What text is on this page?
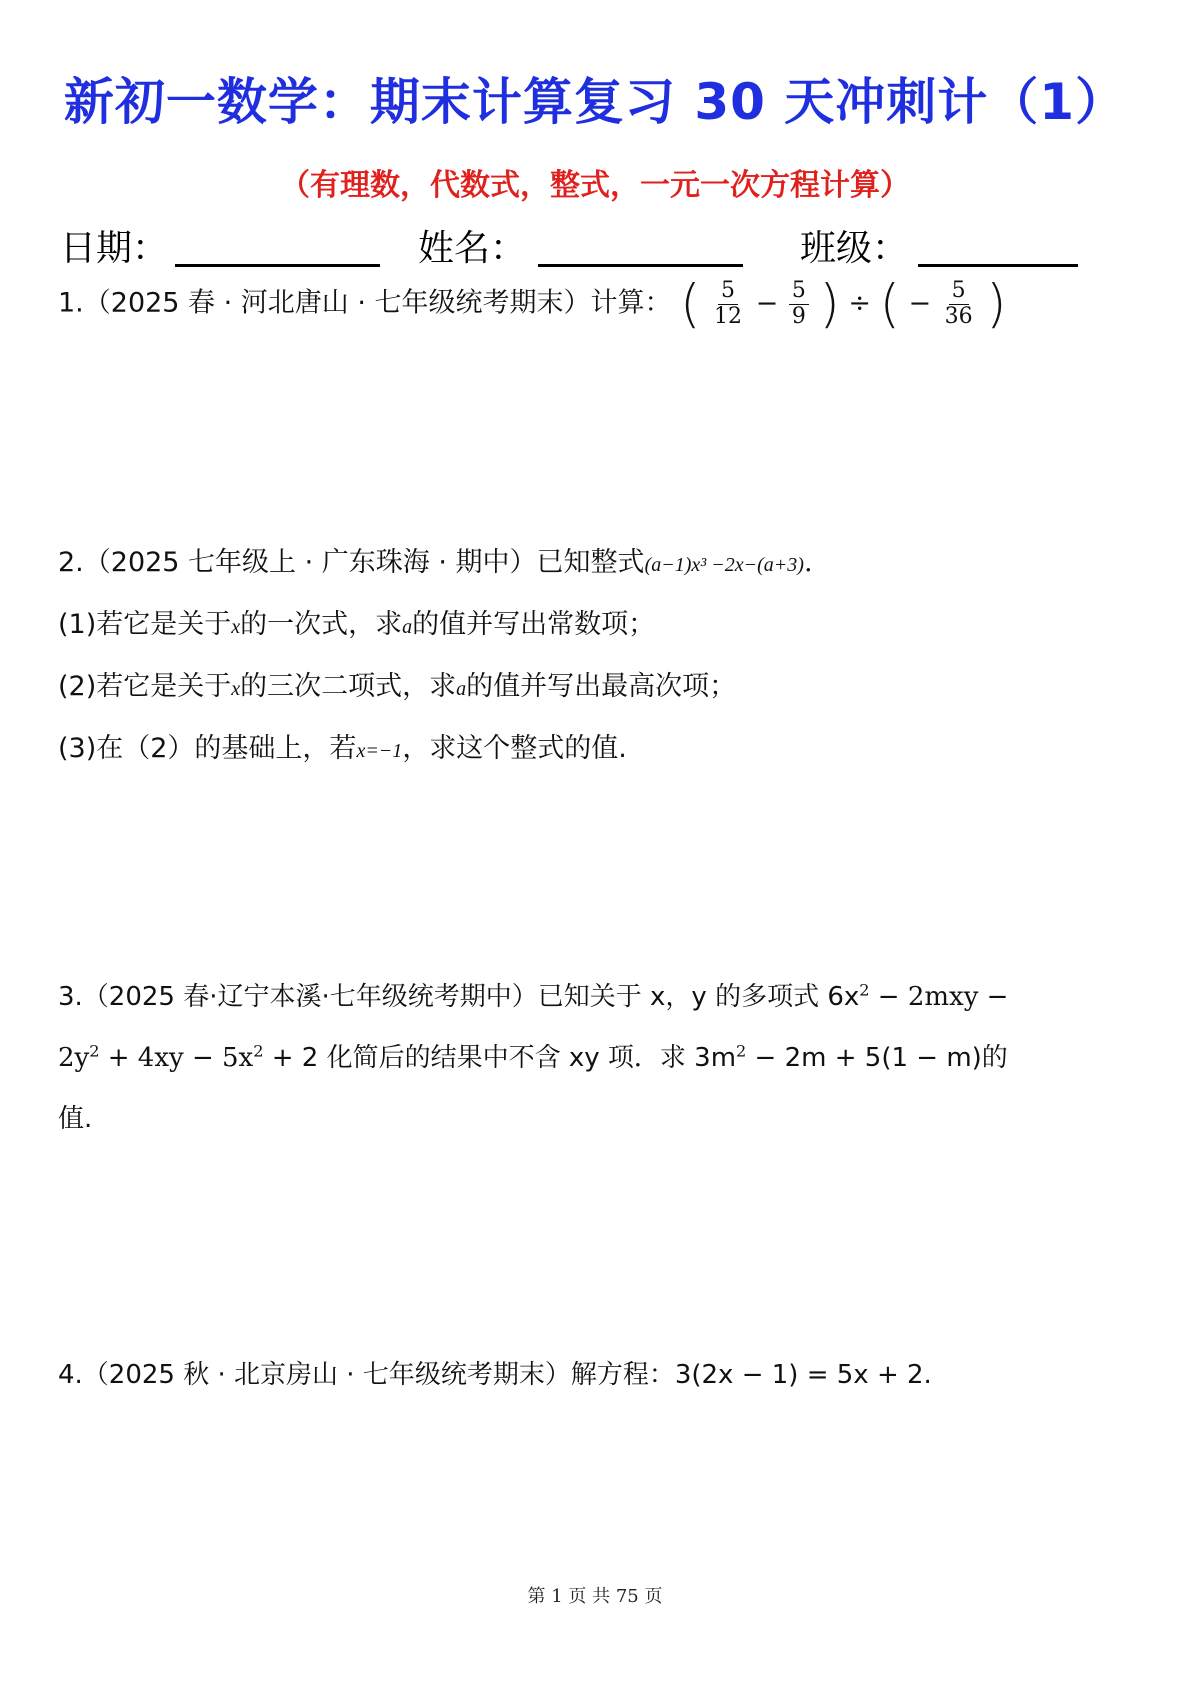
新初一数学：期末计算复习 30 天冲刺计（1）
（有理数，代数式，整式，一元一次方程计算）
日期：	姓名：	班级：
1.（2025 春 · 河北唐山 · 七年级统考期末）计算： ( $\frac{5}{12} - \frac{5}{9}$ ) ÷ ( − $\frac{5}{36}$ )
2.（2025 七年级上 · 广东珠海 · 期中）已知整式(a−1)x³ −2x−(a+3).
(1)若它是关于x的一次式，求a的值并写出常数项；
(2)若它是关于x的三次二项式，求a的值并写出最高次项；
(3)在（2）的基础上，若x=−1，求这个整式的值.
3.（2025 春·辽宁本溪·七年级统考期中）已知关于 x，y 的多项式 $6x^2 - 2mxy$ −
$2y^2 + 4xy - 5x^2 + 2$ 化简后的结果中不含 xy 项．求 $3m^2 - 2m + 5(1 - m)$的
值.
4.（2025 秋 · 北京房山 · 七年级统考期末）解方程：3(2x − 1) = 5x + 2.
第 1 页 共 75 页
